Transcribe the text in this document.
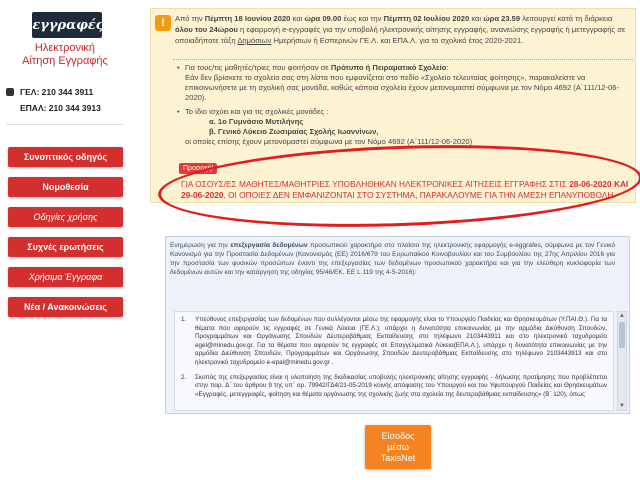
εγγραφές
Ηλεκτρονική
Αίτηση Εγγραφής
ΓΕΛ: 210 344 3911
ΕΠΑΛ: 210 344 3913
Συνοπτικός οδηγός
Νομοθεσία
Οδηγίες χρήσης
Συχνές ερωτήσεις
Χρήσιμα Έγγραφα
Νέα / Ανακοινώσεις
!	Από την Πέμπτη 18 Ιουνίου 2020 και ώρα 09.00 έως και την Πέμπτη 02 Ιουλίου 2020 και ώρα 23.59 λειτουργεί κατά τη διάρκεια όλου του 24ώρου η εφαρμογή e-εγγραφές για την υποβολή ηλεκτρονικής αίτησης εγγραφής, ανανεώσης εγγραφής ή μετεγγραφής σε οποιαδήποτε τάξη Δημόσιων Ημερήσιων ή Εσπερινών ΓΕ.Λ. και ΕΠΑ.Λ. για το σχολικό έτος 2020-2021.
• Για τους/τις μαθητές/τριες που φοιτήσαν σε Πρότυπο ή Πειραματικό Σχολείο:
Εάν δεν βρίσκετε το σχολείο σας στη λίστα που εμφανίζεται στο πεδίο «Σχολείο τελευταίας φοίτησης», παρακαλείστε να επικοινωνήσετε με τη σχολική σας μονάδα, καθώς κάποια σχολεία έχουν μετονομαστεί σύμφωνα με τον Νόμο 4692 (Α΄111/12-06-2020).
• Το ίδιο ισχύει και για τις σχολικές μονάδες :
α. 1ο Γυμνάσιο Μυτιλήνης
β. Γενικό Λύκειο Ζωσιμαίας Σχολής Ιωαννίνων,
οι οποίες επίσης έχουν μετονομαστεί σύμφωνα με τον Νόμο 4692 (Α΄111/12-06-2020)
Προσοχή!
ΓΙΑ ΟΣΟΥΣ/ΕΣ ΜΑΘΗΤΕΣ/ΜΑΘΗΤΡΙΕΣ ΥΠΟΒΛΗΘΗΚΑΝ ΗΛΕΚΤΡΟΝΙΚΕΣ ΑΙΤΗΣΕΙΣ ΕΓΓΡΑΦΗΣ ΣΤΙΣ 28-06-2020 ΚΑΙ 29-06-2020, ΟΙ ΟΠΟΙΕΣ ΔΕΝ ΕΜΦΑΝΙΖΟΝΤΑΙ ΣΤΟ ΣΥΣΤΗΜΑ, ΠΑΡΑΚΑΛΟΥΜΕ ΓΙΑ ΤΗΝ ΑΜΕΣΗ ΕΠΑΝΥΠΟΒΟΛΗ.
Ενημέρωση για την επεξεργασία δεδομένων προσωπικού χαρακτήρα στο πλαίσιο της ηλεκτρονικής εφαρμογής e-eggrafes, σύμφωνα με τον Γενικό Κανονισμό για την Προστασία Δεδομένων (Κανονισμός (ΕΕ) 2016/679 του Ευρωπαϊκού Κοινοβουλίου και του Συμβουλίου της 27ης Απριλίου 2016 για την προστασία των φυσικών προσώπων έναντι της επεξεργασίας των δεδομένων προσωπικού χαρακτήρα και για την ελεύθερη κυκλοφορία των δεδομένων αυτών και την κατάργηση της οδηγίας 95/46/ΕΚ, ΕΕ L 119 της 4-5-2016):
1. Υπεύθυνος επεξεργασίας των δεδομένων που συλλέγονται μέσω της εφαρμογής είναι το Υπουργείο Παιδείας και Θρησκευμάτων (Υ.ΠΑΙ.Θ.). Για τα θέματα που αφορούν τις εγγραφές σε Γενικά Λύκεια (ΓΕ.Λ.), υπάρχει η δυνατότητα επικοινωνίας με την αρμόδια Διεύθυνση Σπουδών, Προγραμμάτων και Οργάνωσης Σπουδών Δευτεροβάθμιας Εκπαίδευσης στο τηλέφωνο 2103443911 και στο ηλεκτρονικό ταχυδρομείο egel@minedu.gov.gr. Για τα θέματα που αφορούν τις εγγραφές σε Επαγγελματικά Λύκεια(ΕΠΑ.Λ.), υπάρχει η δυνατότητα επικοινωνίας με την αρμόδια Διεύθυνση Σπουδών, Προγραμμάτων και Οργάνωσης Σπουδών Δευτεροβάθμιας Εκπαίδευσης στο τηλέφωνο 2103443913 και στο ηλεκτρονικό ταχυδρομείο e-epal@minedu.gov.gr .
2. Σκοπός της επεξεργασίας είναι η υλοποίηση της διαδικασίας υποβολής ηλεκτρονικής αίτησης εγγραφής - δήλωσης προτίμησης που προβλέπεται στην παρ. Δ΄ του άρθρου 9 της υπ΄ αρ. 79942/ΓΔ4/21-05-2019 κοινής απόφασης του Υπουργού και του Υφυπουργού Παιδείας και Θρησκευμάτων «Εγγραφές, μετεγγραφές, φοίτηση και θέματα οργάνωσης της σχολικής ζωής στα σχολεία της δευτεροβάθμιας εκπαίδευσης» (Β΄ 120), όπως
▲
▼
Είσοδος
μέσω
TaxisNet
